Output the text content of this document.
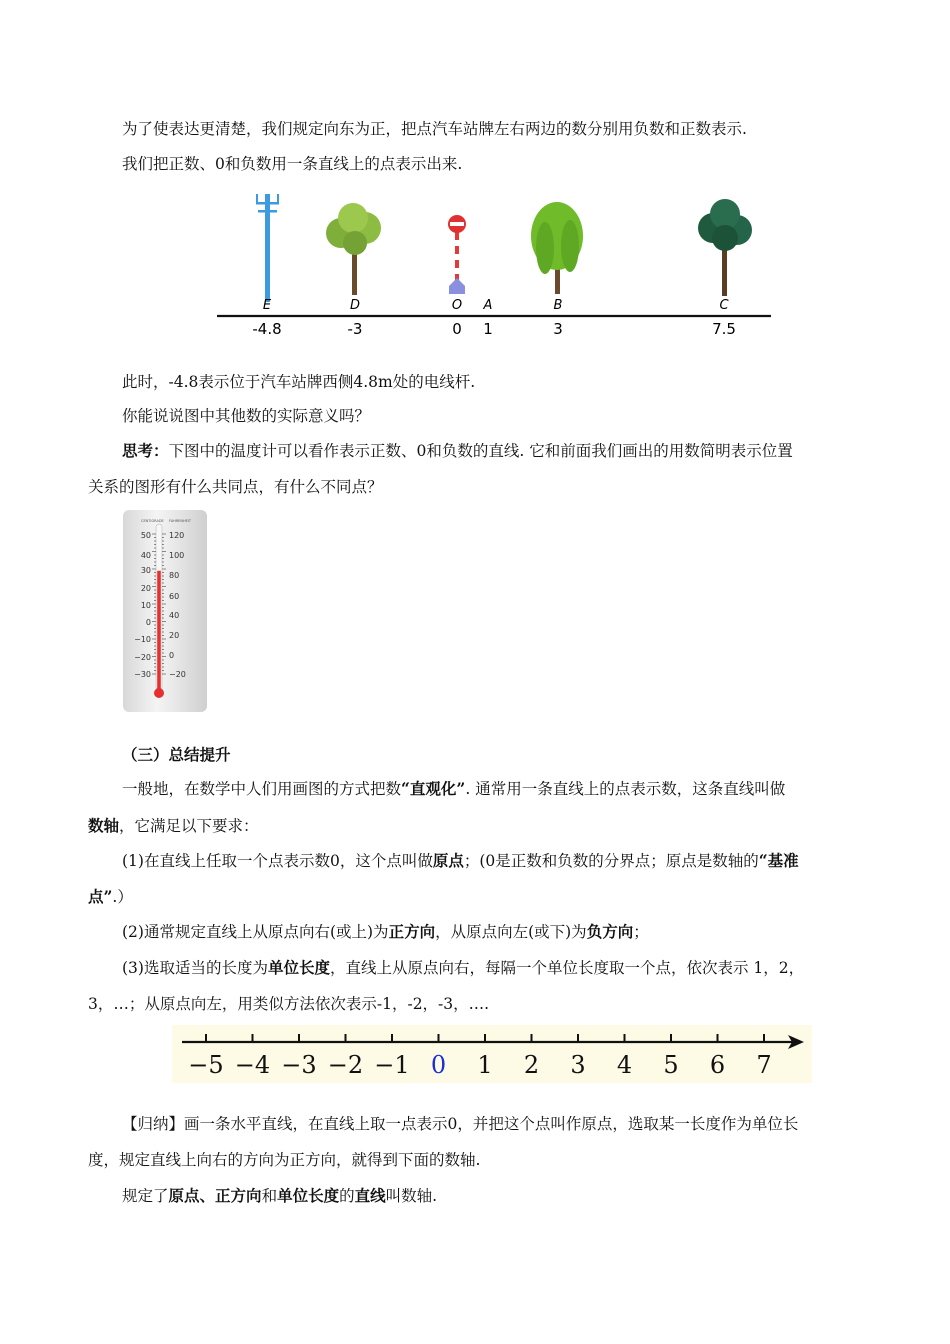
为了使表达更清楚，我们规定向东为正，把点汽车站牌左右两边的数分别用负数和正数表示.
我们把正数、0和负数用一条直线上的点表示出来.
E
-4.8
D
-3
O
0
A
1
B
3
C
7.5
此时，-4.8表示位于汽车站牌西侧4.8m处的电线杆.
你能说说图中其他数的实际意义吗？
思考：下图中的温度计可以看作表示正数、0和负数的直线. 它和前面我们画出的用数简明表示位置
关系的图形有什么共同点，有什么不同点？
CENTIGRADE FAHRENHEIT
50
40
30
20
10
0
−10
−20
−30
120
100
80
60
40
20
0
−20
（三）总结提升
一般地，在数学中人们用画图的方式把数“直观化”. 通常用一条直线上的点表示数，这条直线叫做
数轴，它满足以下要求：
(1)在直线上任取一个点表示数0，这个点叫做原点；(0是正数和负数的分界点；原点是数轴的“基准
点”.）
(2)通常规定直线上从原点向右(或上)为正方向，从原点向左(或下)为负方向；
(3)选取适当的长度为单位长度，直线上从原点向右，每隔一个单位长度取一个点，依次表示 1，2，
3，…；从原点向左，用类似方法依次表示-1，-2，-3，….
−5 −4 −3 −2 −1 0 1 2 3 4 5 6 7
【归纳】画一条水平直线，在直线上取一点表示0，并把这个点叫作原点，选取某一长度作为单位长
度，规定直线上向右的方向为正方向，就得到下面的数轴.
规定了原点、正方向和单位长度的直线叫数轴.
